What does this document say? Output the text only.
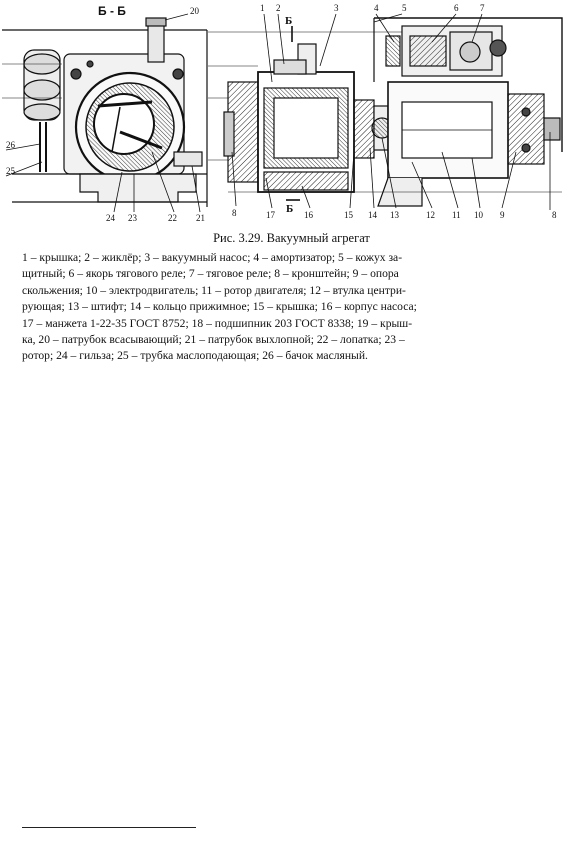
Б - Б	20
26
25
24 23	22 21
Б
Б
1 2	3	4	5	6 7
8	17	16	15 14 13	12 11 10 9	8
Рис. 3.29. Вакуумный агрегат
1 – крышка; 2 – жиклёр; 3 – вакуумный насос; 4 – амортизатор; 5 – кожух за-
щитный; 6 – якорь тягового реле; 7 – тяговое реле; 8 – кронштейн; 9 – опора
скольжения; 10 – электродвигатель; 11 – ротор двигателя; 12 – втулка центри-
рующая; 13 – штифт; 14 – кольцо прижимное; 15 – крышка; 16 – корпус насоса;
17 – манжета 1-22-35 ГОСТ 8752; 18 – подшипник 203 ГОСТ 8338; 19 – крыш-
ка, 20 – патрубок всасывающий; 21 – патрубок выхлопной; 22 – лопатка; 23 –
ротор; 24 – гильза; 25 – трубка маслоподающая; 26 – бачок масляный.
